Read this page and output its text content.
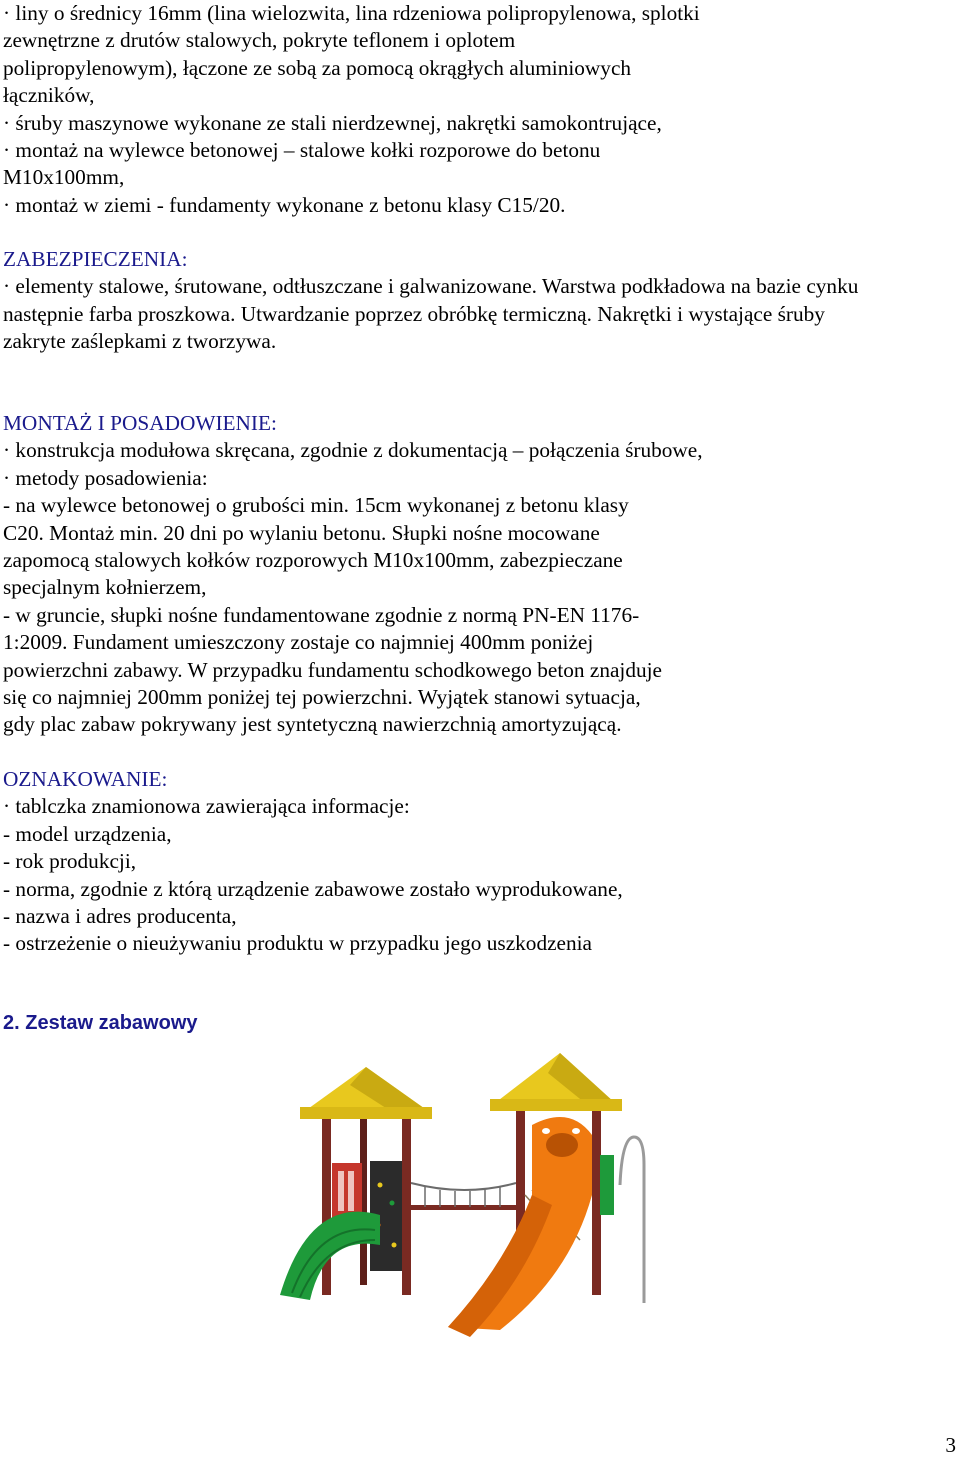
· liny o średnicy 16mm (lina wielozwita, lina rdzeniowa polipropylenowa, splotki

zewnętrzne z drutów stalowych, pokryte teflonem i oplotem

polipropylenowym), łączone ze sobą za pomocą okrągłych aluminiowych

łączników,

· śruby maszynowe wykonane ze stali nierdzewnej, nakrętki samokontrujące,

· montaż na wylewce betonowej – stalowe kołki rozporowe do betonu

M10x100mm,

· montaż w ziemi - fundamenty wykonane z betonu klasy C15/20.

ZABEZPIECZENIA:

· elementy stalowe, śrutowane, odtłuszczane i galwanizowane. Warstwa podkładowa na bazie cynku

następnie farba proszkowa. Utwardzanie poprzez obróbkę termiczną. Nakrętki i wystające śruby

zakryte zaślepkami z tworzywa.

MONTAŻ I POSADOWIENIE:

· konstrukcja modułowa skręcana, zgodnie z dokumentacją – połączenia śrubowe,

· metody posadowienia:

- na wylewce betonowej o grubości min. 15cm wykonanej z betonu klasy

C20. Montaż min. 20 dni po wylaniu betonu. Słupki nośne mocowane

zapomocą stalowych kołków rozporowych M10x100mm, zabezpieczane

specjalnym kołnierzem,

- w gruncie, słupki nośne fundamentowane zgodnie z normą PN-EN 1176-

1:2009. Fundament umieszczony zostaje co najmniej 400mm poniżej

powierzchni zabawy. W przypadku fundamentu schodkowego beton znajduje

się co najmniej 200mm poniżej tej powierzchni. Wyjątek stanowi sytuacja,

gdy plac zabaw pokrywany jest syntetyczną nawierzchnią amortyzującą.

OZNAKOWANIE:

· tablczka znamionowa zawierająca informacje:

- model urządzenia,

- rok produkcji,

- norma, zgodnie z którą urządzenie zabawowe zostało wyprodukowane,

- nazwa i adres producenta,

- ostrzeżenie o nieużywaniu produktu w przypadku jego uszkodzenia

2. Zestaw zabawowy

3
